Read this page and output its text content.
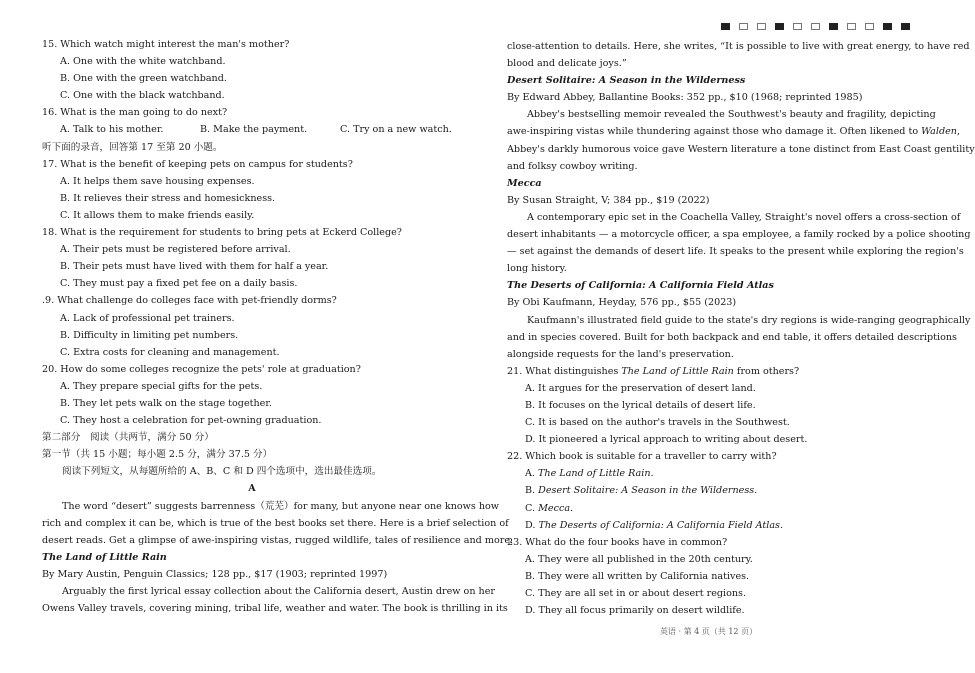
15. Which watch might interest the man's mother?
A. One with the white watchband.
B. One with the green watchband.
C. One with the black watchband.
16. What is the man going to do next?
A. Talk to his mother.	B. Make the payment.	C. Try on a new watch.
听下面的录音，回答第 17 至第 20 小题。
17. What is the benefit of keeping pets on campus for students?
A. It helps them save housing expenses.
B. It relieves their stress and homesickness.
C. It allows them to make friends easily.
18. What is the requirement for students to bring pets at Eckerd College?
A. Their pets must be registered before arrival.
B. Their pets must have lived with them for half a year.
C. They must pay a fixed pet fee on a daily basis.
.9. What challenge do colleges face with pet-friendly dorms?
A. Lack of professional pet trainers.
B. Difficulty in limiting pet numbers.
C. Extra costs for cleaning and management.
20. How do some colleges recognize the pets' role at graduation?
A. They prepare special gifts for the pets.
B. They let pets walk on the stage together.
C. They host a celebration for pet-owning graduation.
第二部分　阅读（共两节，满分 50 分）
第一节（共 15 小题；每小题 2.5 分，满分 37.5 分）
阅读下列短文，从每题所给的 A、B、C 和 D 四个选项中，选出最佳选项。
A
The word “desert” suggests barrenness（荒芜）for many, but anyone near one knows how
rich and complex it can be, which is true of the best books set there. Here is a brief selection of
desert reads. Get a glimpse of awe-inspiring vistas, rugged wildlife, tales of resilience and more.
The Land of Little Rain
By Mary Austin, Penguin Classics; 128 pp., $17 (1903; reprinted 1997)
Arguably the first lyrical essay collection about the California desert, Austin drew on her
Owens Valley travels, covering mining, tribal life, weather and water. The book is thrilling in its
close-attention to details. Here, she writes, “It is possible to live with great energy, to have red
blood and delicate joys.”
Desert Solitaire: A Season in the Wilderness
By Edward Abbey, Ballantine Books: 352 pp., $10 (1968; reprinted 1985)
Abbey's bestselling memoir revealed the Southwest's beauty and fragility, depicting
awe-inspiring vistas while thundering against those who damage it. Often likened to Walden,
Abbey's darkly humorous voice gave Western literature a tone distinct from East Coast gentility
and folksy cowboy writing.
Mecca
By Susan Straight, V; 384 pp., $19 (2022)
A contemporary epic set in the Coachella Valley, Straight's novel offers a cross-section of
desert inhabitants — a motorcycle officer, a spa employee, a family rocked by a police shooting
— set against the demands of desert life. It speaks to the present while exploring the region's
long history.
The Deserts of California: A California Field Atlas
By Obi Kaufmann, Heyday, 576 pp., $55 (2023)
Kaufmann's illustrated field guide to the state's dry regions is wide-ranging geographically
and in species covered. Built for both backpack and end table, it offers detailed descriptions
alongside requests for the land's preservation.
21. What distinguishes The Land of Little Rain from others?
A. It argues for the preservation of desert land.
B. It focuses on the lyrical details of desert life.
C. It is based on the author's travels in the Southwest.
D. It pioneered a lyrical approach to writing about desert.
22. Which book is suitable for a traveller to carry with?
A. The Land of Little Rain.
B. Desert Solitaire: A Season in the Wilderness.
C. Mecca.
D. The Deserts of California: A California Field Atlas.
23. What do the four books have in common?
A. They were all published in the 20th century.
B. They were all written by California natives.
C. They are all set in or about desert regions.
D. They all focus primarily on desert wildlife.
英语 · 第 4 页（共 12 页）
